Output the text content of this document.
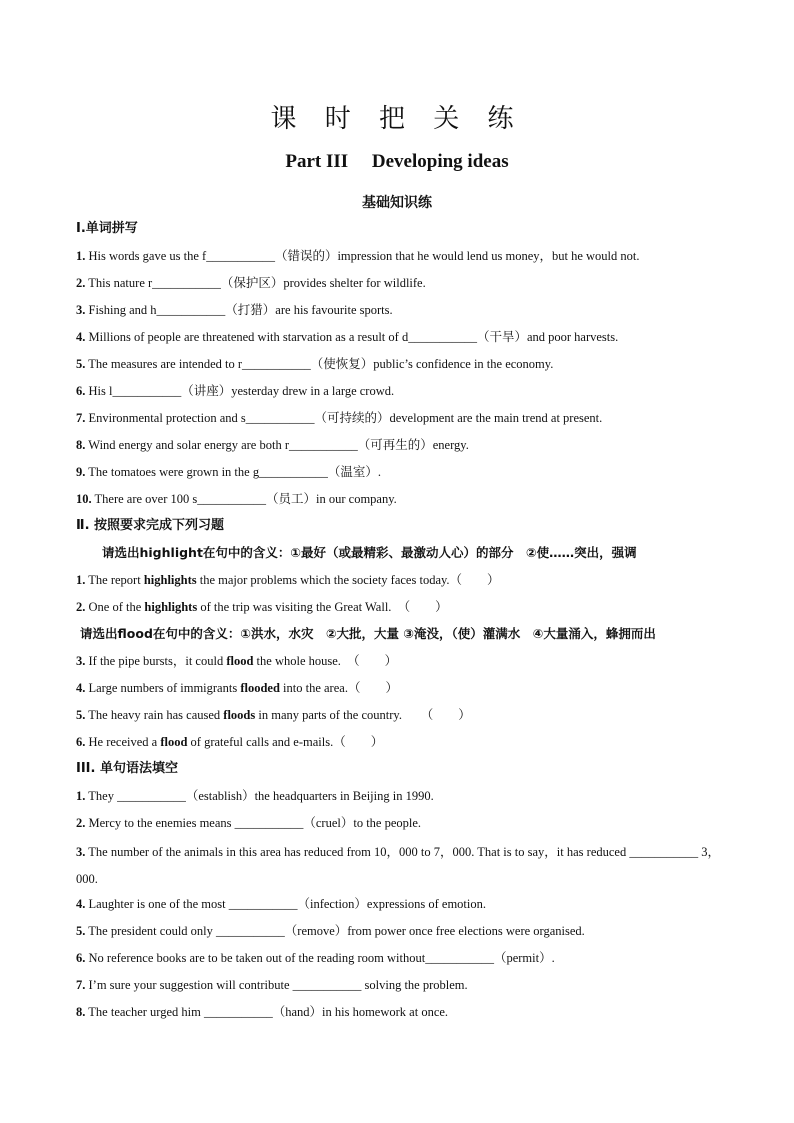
课 时 把 关 练
Part III　 Developing ideas
基础知识练
Ⅰ.单词拼写
1. His words gave us the f___________（错误的）impression that he would lend us money，but he would not.
2. This nature r___________（保护区）provides shelter for wildlife.
3. Fishing and h___________（打猎）are his favourite sports.
4. Millions of people are threatened with starvation as a result of d___________（干旱）and poor harvests.
5. The measures are intended to r___________（使恢复）public’s confidence in the economy.
6. His l___________（讲座）yesterday drew in a large crowd.
7. Environmental protection and s___________（可持续的）development are the main trend at present.
8. Wind energy and solar energy are both r___________（可再生的）energy.
9. The tomatoes were grown in the g___________（温室）.
10. There are over 100 s___________（员工）in our company.
Ⅱ. 按照要求完成下列习题
请选出highlight在句中的含义：①最好（或最精彩、最激动人心）的部分　②使……突出，强调
1. The report highlights the major problems which the society faces today.（　　）
2. One of the highlights of the trip was visiting the Great Wall.　（　　）
请选出flood在句中的含义：①洪水，水灾　②大批，大量 ③淹没，（使）灌满水　④大量涌入，蜂拥而出
3. If the pipe bursts，it could flood the whole house.　（　　）
4. Large numbers of immigrants flooded into the area.（　　）
5. The heavy rain has caused floods in many parts of the country.　　（　　）
6. He received a flood of grateful calls and e-mails.（　　）
III. 单句语法填空
1. They ___________（establish）the headquarters in Beijing in 1990.
2. Mercy to the enemies means ___________（cruel）to the people.
3. The number of the animals in this area has reduced from 10，000 to 7，000. That is to say，it has reduced ___________ 3，000.
4. Laughter is one of the most ___________（infection）expressions of emotion.
5. The president could only ___________（remove）from power once free elections were organised.
6. No reference books are to be taken out of the reading room without___________（permit）.
7. I’m sure your suggestion will contribute ___________ solving the problem.
8. The teacher urged him ___________（hand）in his homework at once.
